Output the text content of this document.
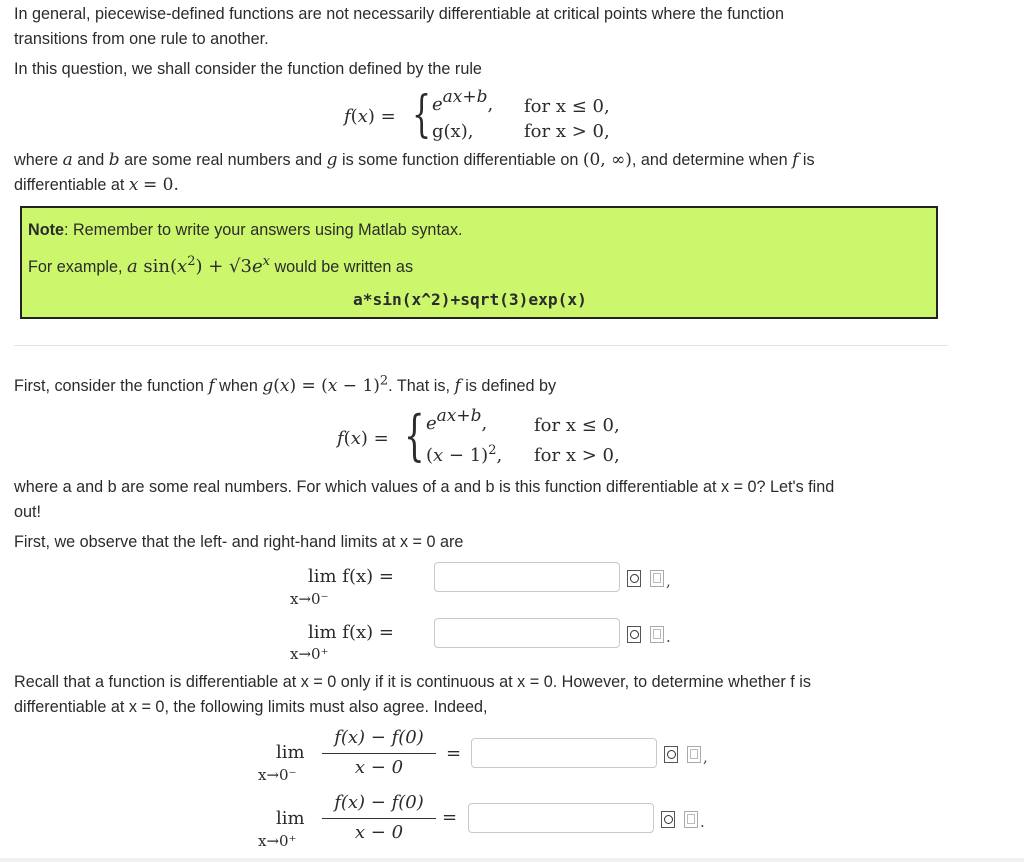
In general, piecewise-defined functions are not necessarily differentiable at critical points where the function
transitions from one rule to another.
In this question, we shall consider the function defined by the rule
f(x) = { eax+b, for x ≤ 0,
g(x),	for x > 0,
where a and b are some real numbers and g is some function differentiable on (0, ∞), and determine when f is
differentiable at x = 0.
Note: Remember to write your answers using Matlab syntax.
For example, a $\sin(x^2) + √3e^x$ would be written as
a*sin(x^2)+sqrt(3)exp(x)
First, consider the function f when $g(x) = (x - 1)^2$. That is, f is defined by
f(x) = { eax+b,	for x ≤ 0,
$(x - 1)^2$, for x > 0,
where a and b are some real numbers. For which values of a and b is this function differentiable at x = 0? Let's find
out!
First, we observe that the left- and right-hand limits at x = 0 are
lim f(x) =
x→0⁻
,
lim f(x) =
x→0⁺
.
Recall that a function is differentiable at x = 0 only if it is continuous at x = 0. However, to determine whether f is
differentiable at x = 0, the following limits must also agree. Indeed,
lim
x→0⁻
f(x) − f(0)
x − 0
=	,
lim
x→0⁺
f(x) − f(0)
x − 0
=	.
